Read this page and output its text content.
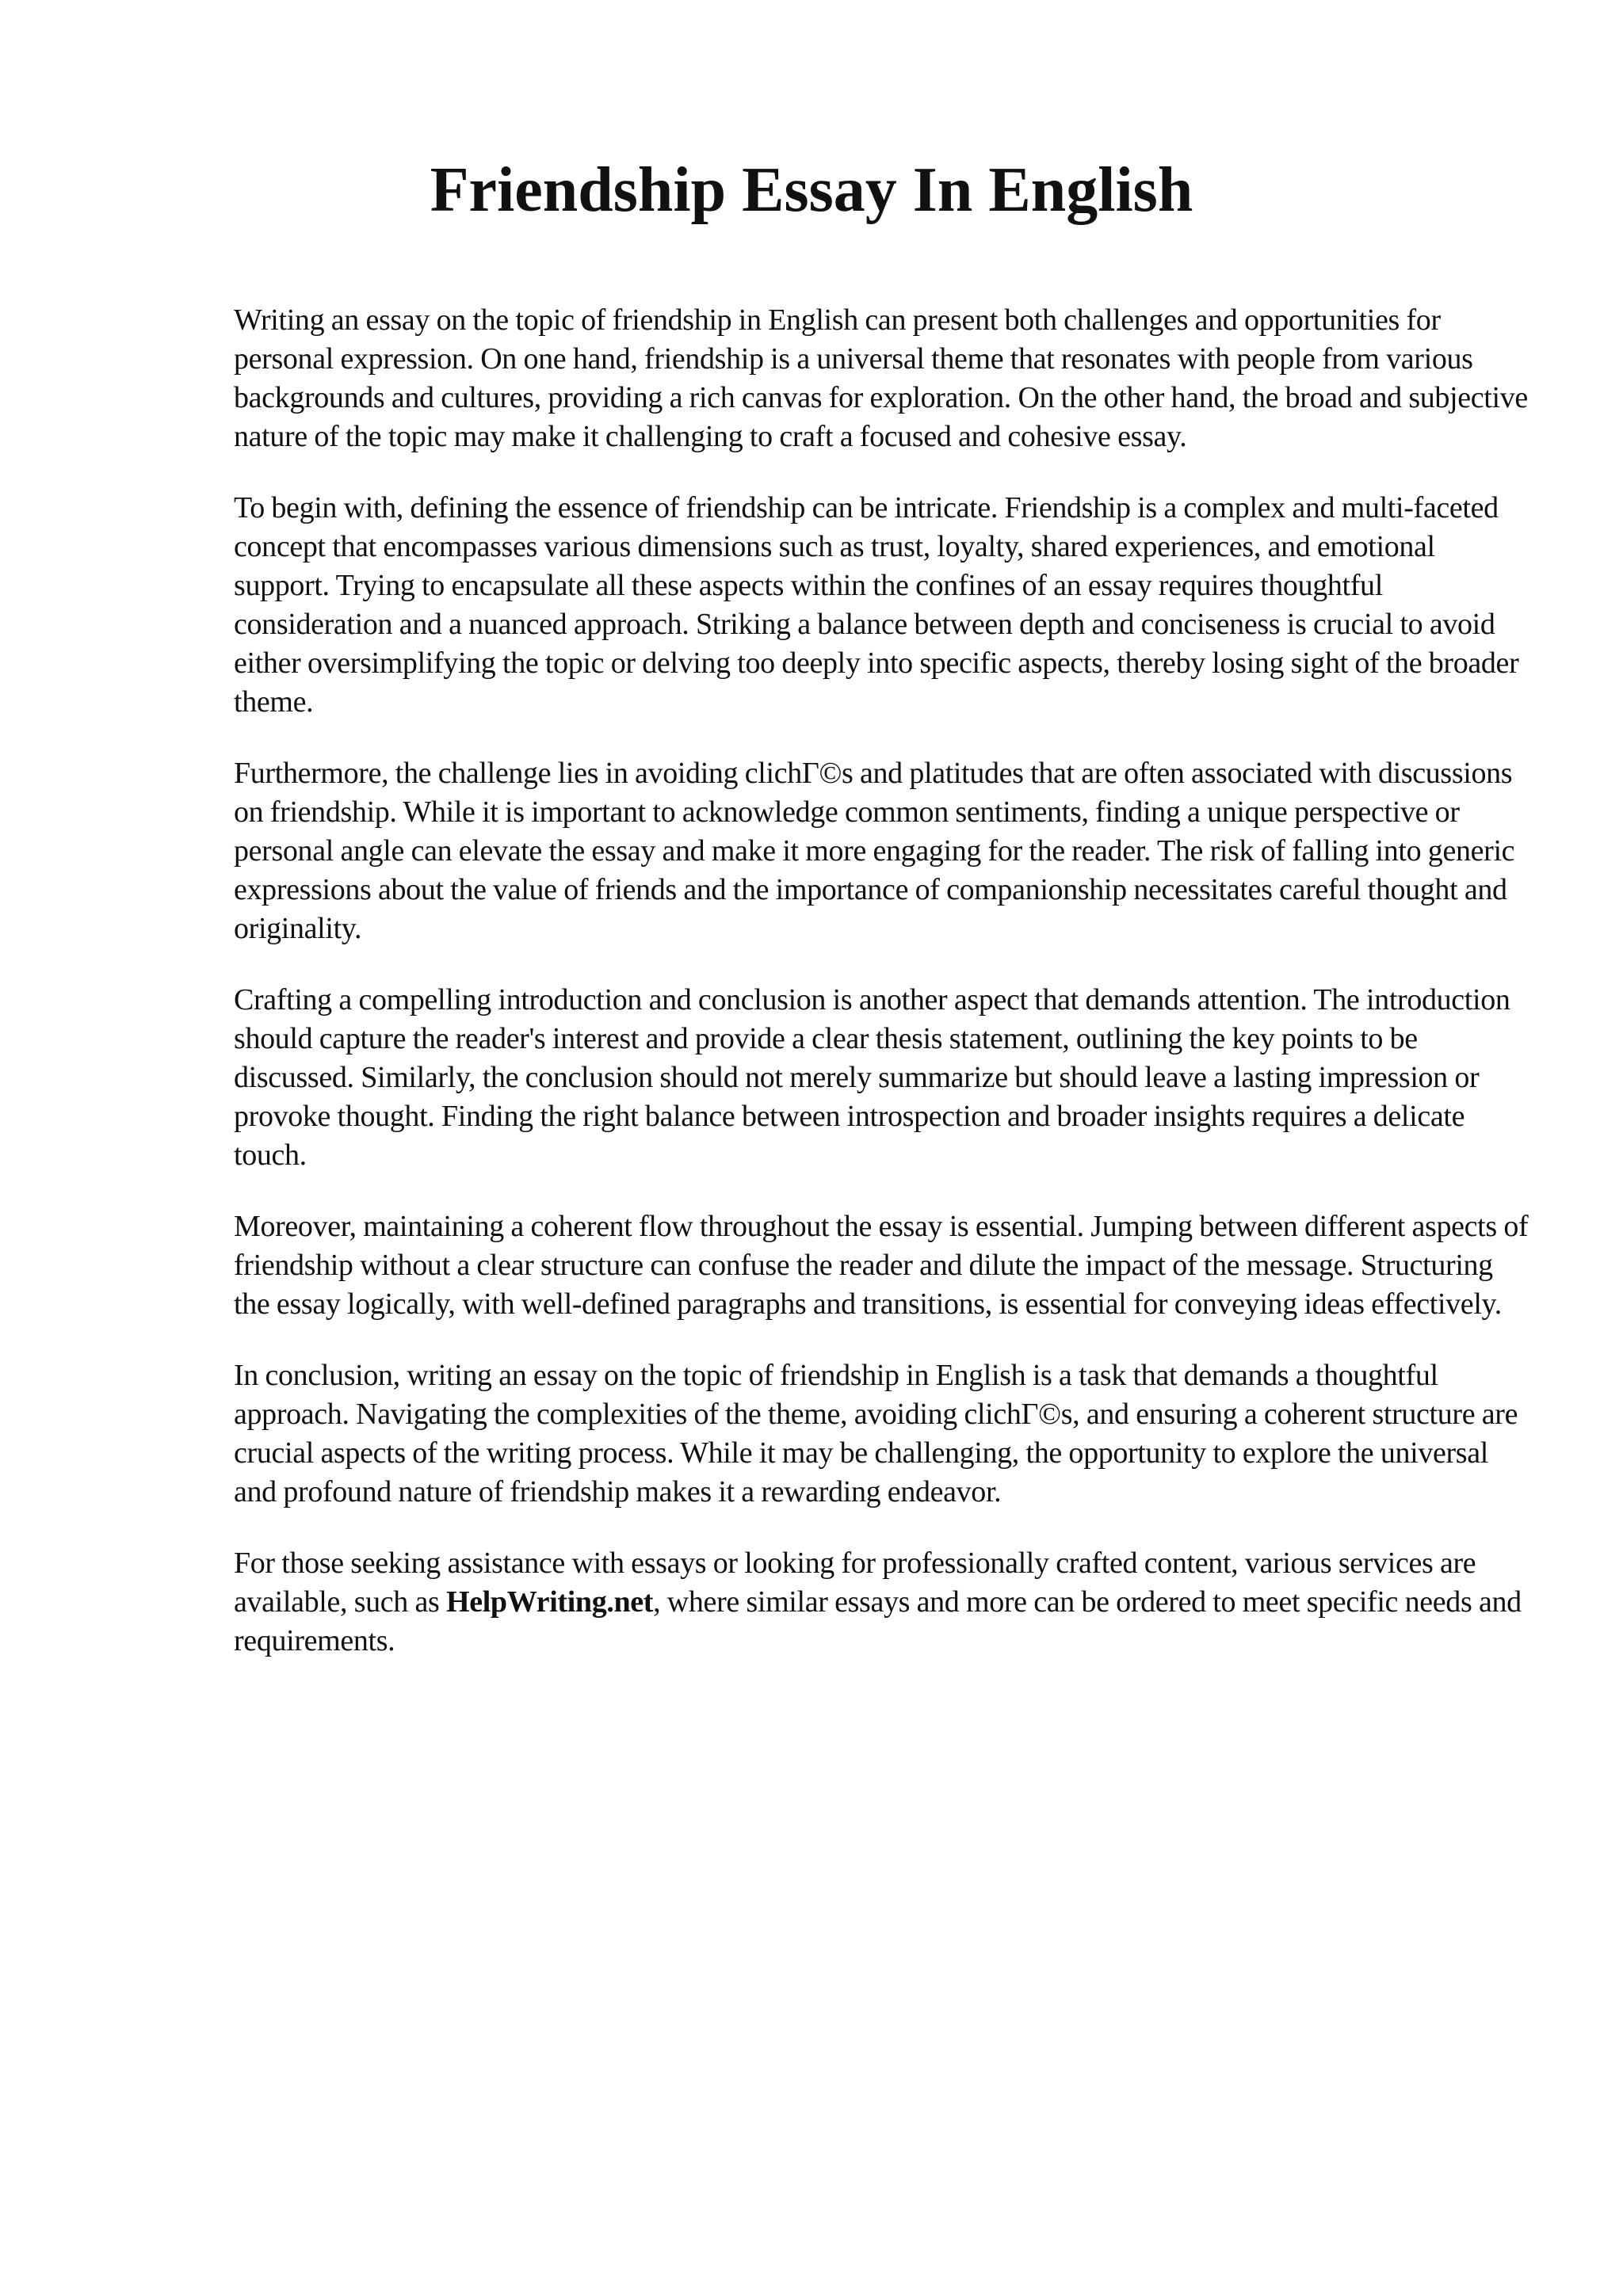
Friendship Essay In English

Writing an essay on the topic of friendship in English can present both challenges and opportunities for personal expression. On one hand, friendship is a universal theme that resonates with people from various backgrounds and cultures, providing a rich canvas for exploration. On the other hand, the broad and subjective nature of the topic may make it challenging to craft a focused and cohesive essay.

To begin with, defining the essence of friendship can be intricate. Friendship is a complex and multi-faceted concept that encompasses various dimensions such as trust, loyalty, shared experiences, and emotional support. Trying to encapsulate all these aspects within the confines of an essay requires thoughtful consideration and a nuanced approach. Striking a balance between depth and conciseness is crucial to avoid either oversimplifying the topic or delving too deeply into specific aspects, thereby losing sight of the broader theme.

Furthermore, the challenge lies in avoiding clichГ©s and platitudes that are often associated with discussions on friendship. While it is important to acknowledge common sentiments, finding a unique perspective or personal angle can elevate the essay and make it more engaging for the reader. The risk of falling into generic expressions about the value of friends and the importance of companionship necessitates careful thought and originality.

Crafting a compelling introduction and conclusion is another aspect that demands attention. The introduction should capture the reader's interest and provide a clear thesis statement, outlining the key points to be discussed. Similarly, the conclusion should not merely summarize but should leave a lasting impression or provoke thought. Finding the right balance between introspection and broader insights requires a delicate touch.

Moreover, maintaining a coherent flow throughout the essay is essential. Jumping between different aspects of friendship without a clear structure can confuse the reader and dilute the impact of the message. Structuring the essay logically, with well-defined paragraphs and transitions, is essential for conveying ideas effectively.

In conclusion, writing an essay on the topic of friendship in English is a task that demands a thoughtful approach. Navigating the complexities of the theme, avoiding clichГ©s, and ensuring a coherent structure are crucial aspects of the writing process. While it may be challenging, the opportunity to explore the universal and profound nature of friendship makes it a rewarding endeavor.

For those seeking assistance with essays or looking for professionally crafted content, various services are available, such as HelpWriting.net, where similar essays and more can be ordered to meet specific needs and requirements.
